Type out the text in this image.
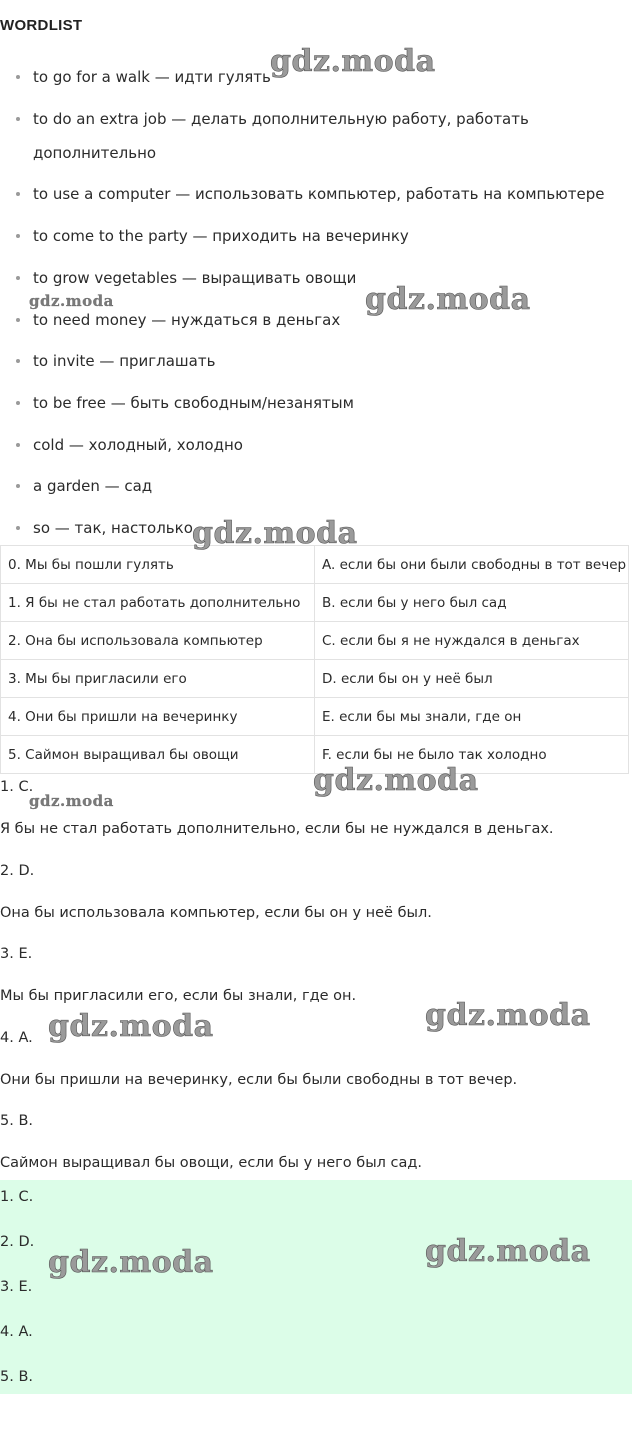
WORDLIST
to go for a walk — идти гулять
to do an extra job — делать дополнительную работу, работать
дополнительно
to use a computer — использовать компьютер, работать на компьютере
to come to the party — приходить на вечеринку
to grow vegetables — выращивать овощи
to need money — нуждаться в деньгах
to invite — приглашать
to be free — быть свободным/незанятым
cold — холодный, холодно
a garden — сад
so — так, настолько
0. Мы бы пошли гулять	A. если бы они были свободны в тот вечер
1. Я бы не стал работать дополнительно	B. если бы у него был сад
2. Она бы использовала компьютер	C. если бы я не нуждался в деньгах
3. Мы бы пригласили его	D. если бы он у неё был
4. Они бы пришли на вечеринку	E. если бы мы знали, где он
5. Саймон выращивал бы овощи	F. если бы не было так холодно
1. C.
Я бы не стал работать дополнительно, если бы не нуждался в деньгах.
2. D.
Она бы использовала компьютер, если бы он у неё был.
3. E.
Мы бы пригласили его, если бы знали, где он.
4. A.
Они бы пришли на вечеринку, если бы были свободны в тот вечер.
5. B.
Саймон выращивал бы овощи, если бы у него был сад.
1. C.
2. D.
3. E.
4. A.
5. B.
gdz.moda
gdz.moda	gdz.moda
gdz.moda
gdz.moda
gdz.moda
gdz.moda
gdz.moda
gdz.moda
gdz.moda
